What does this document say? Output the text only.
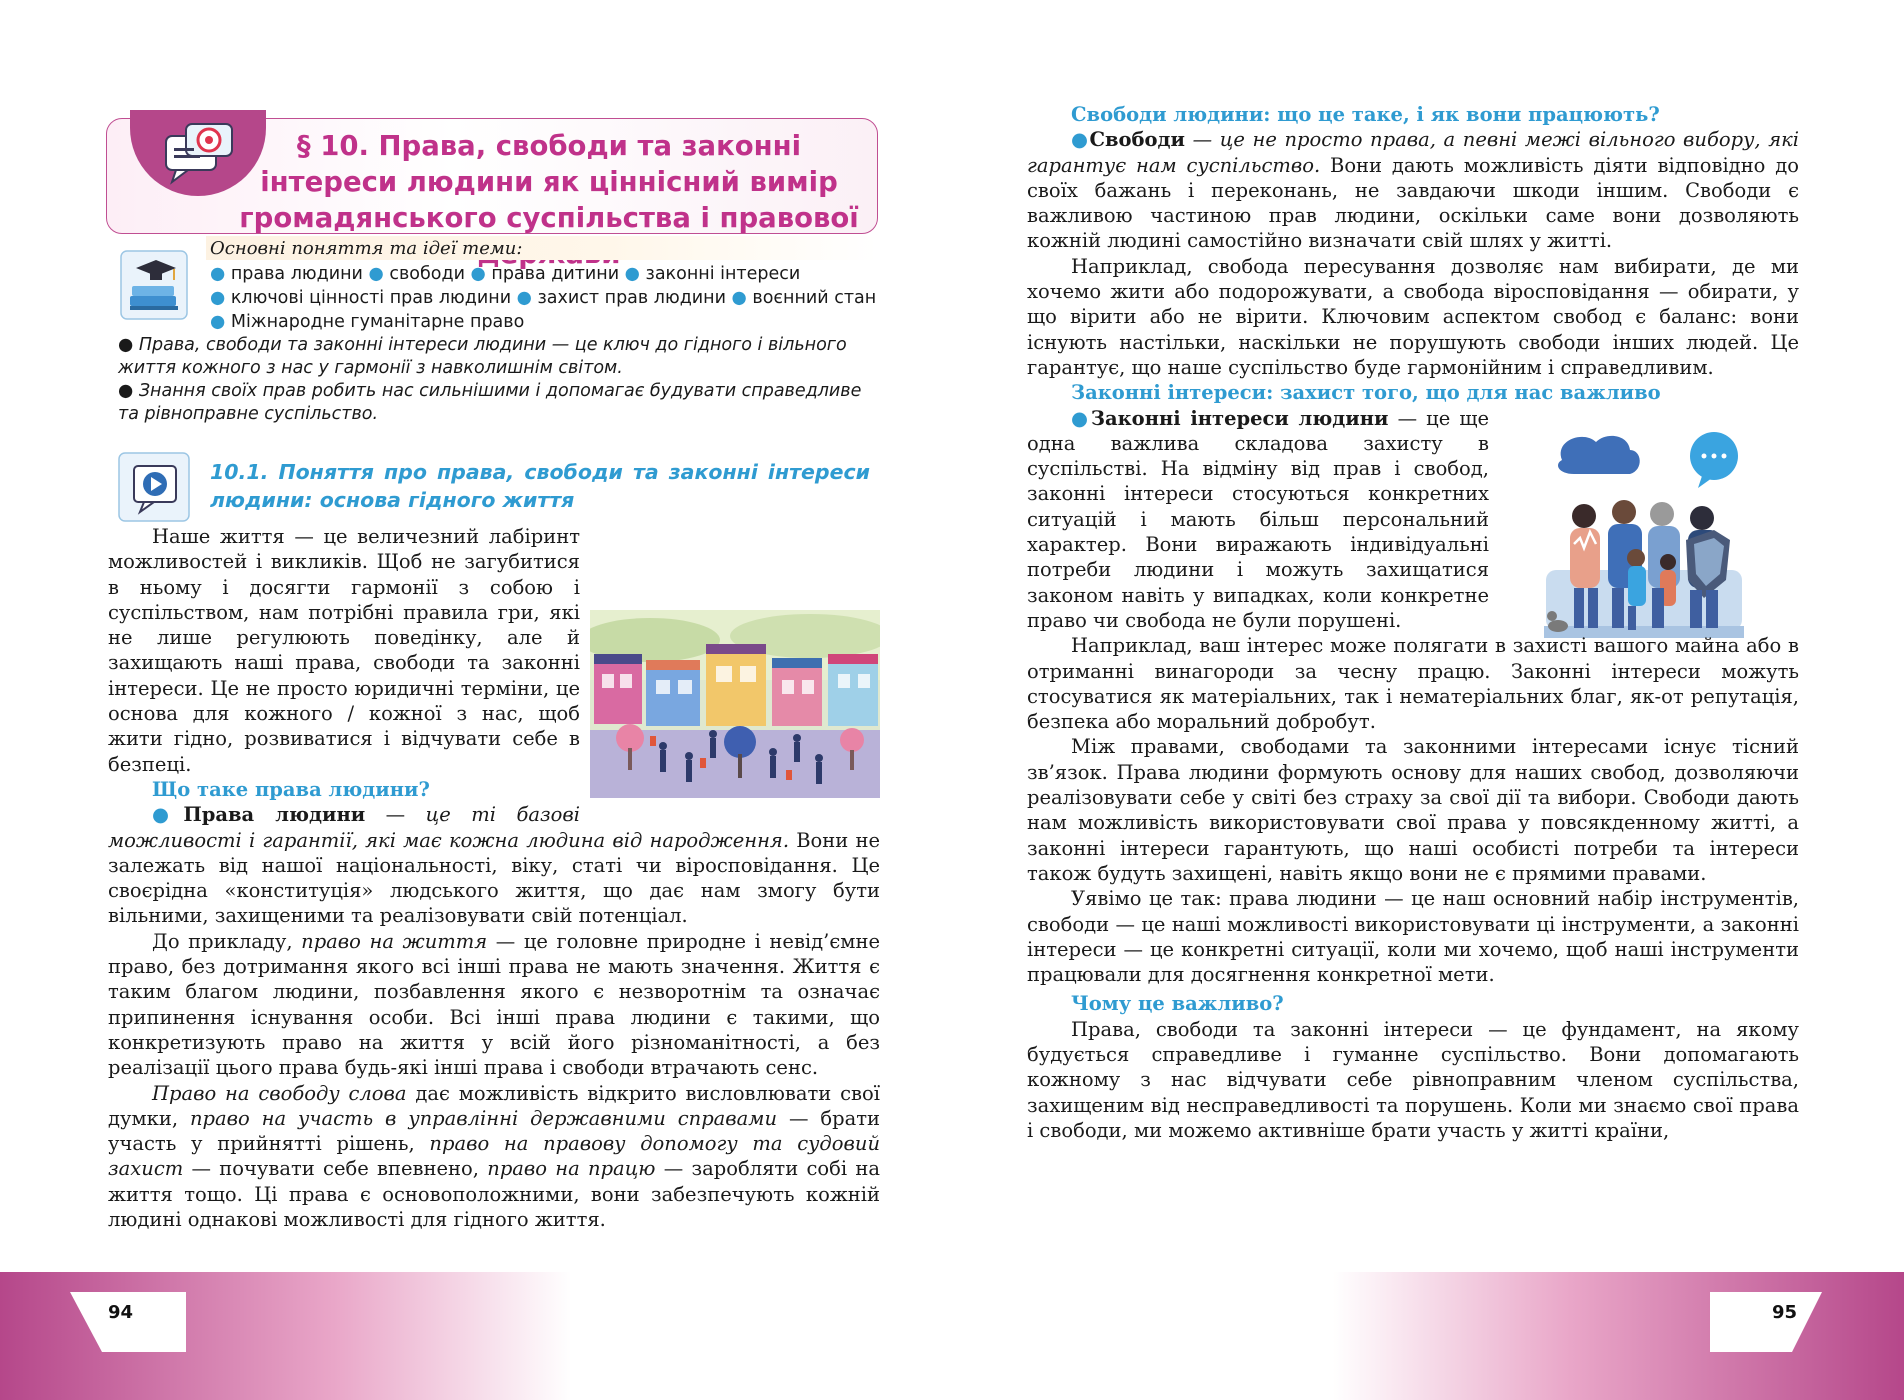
§ 10. Права, свободи та законні інтереси людини як ціннісний вимір громадянського суспільства і правової
Основні поняття та ідеї теми:
● права людини ● свободи ● права дитини ● законні інтереси
● ключові цінності прав людини ● захист прав людини ● воєнний стан
● Міжнародне гуманітарне право
● Права, свободи та законні інтереси людини — це ключ до гідного і вільного життя кожного з нас у гармонії з навколишнім світом.
● Знання своїх прав робить нас сильнішими і допомагає будувати справедливе та рівноправне суспільство.
10.1. Поняття про права, свободи та законні інтереси людини: основа гідного життя

Наше життя — це величезний лабіринт можливостей і викликів. Щоб не загубитися в ньому і досягти гармонії з собою і суспільством, нам потрібні правила гри, які не лише регулюють поведінку, але й захищають наші права, свободи та законні інтереси. Це не просто юридичні терміни, це основа для кожного / кожної з нас, щоб жити гідно, розвиватися і відчувати себе в безпеці.

Що таке права людини?

●Права людини — це ті базові можливості і гарантії, які має кожна людина від народження. Вони не залежать від нашої національності, віку, статі чи віросповідання. Це своєрідна «конституція» людського життя, що дає нам змогу бути вільними, захищеними та реалізовувати свій потенціал.

До прикладу, право на життя — це головне природне і невід’ємне право, без дотримання якого всі інші права не мають значення. Життя є таким благом людини, позбавлення якого є незворотнім та означає припинення існування особи. Всі інші права людини є такими, що конкретизують право на життя у всій його різноманітності, а без реалізації цього права будь-які інші права і свободи втрачають сенс.

Право на свободу слова дає можливість відкрито висловлювати свої думки, право на участь в управлінні державними справами — брати участь у прийнятті рішень, право на правову допомогу та судовий захист — почувати себе впевнено, право на працю — заробляти собі на життя тощо. Ці права є основоположними, вони забезпечують кожній людині однакові можливості для гідного життя.

94

Свободи людини: що це таке, і як вони працюють?

●Свободи — це не просто права, а певні межі вільного вибору, які гарантує нам суспільство. Вони дають можливість діяти відповідно до своїх бажань і переконань, не завдаючи шкоди іншим. Свободи є важливою частиною прав людини, оскільки саме вони дозволяють кожній людині самостійно визначати свій шлях у житті.

Наприклад, свобода пересування дозволяє нам вибирати, де ми хочемо жити або подорожувати, а свобода віросповідання — обирати, у що вірити або не вірити. Ключовим аспектом свобод є баланс: вони існують настільки, наскільки не порушують свободи інших людей. Це гарантує, що наше суспільство буде гармонійним і справедливим.

Законні інтереси: захист того, що для нас важливо

●Законні інтереси людини — це ще одна важлива складова захисту в суспільстві. На відміну від прав і свобод, законні інтереси стосуються конкретних ситуацій і мають більш персональний характер. Вони виражають індивідуальні потреби людини і можуть захищатися законом навіть у випадках, коли конкретне право чи свобода не були порушені.

Наприклад, ваш інтерес може полягати в захисті вашого майна або в отриманні винагороди за чесну працю. Законні інтереси можуть стосуватися як матеріальних, так і нематеріальних благ, як-от репутація, безпека або моральний добробут.

Між правами, свободами та законними інтересами існує тісний зв’язок. Права людини формують основу для наших свобод, дозволяючи реалізовувати себе у світі без страху за свої дії та вибори. Свободи дають нам можливість використовувати свої права у повсякденному житті, а законні інтереси гарантують, що наші особисті потреби та інтереси також будуть захищені, навіть якщо вони не є прямими правами.

Уявімо це так: права людини — це наш основний набір інструментів, свободи — це наші можливості використовувати ці інструменти, а законні інтереси — це конкретні ситуації, коли ми хочемо, щоб наші інструменти працювали для досягнення конкретної мети.

Чому це важливо?

Права, свободи та законні інтереси — це фундамент, на якому будується справедливе і гуманне суспільство. Вони допомагають кожному з нас відчувати себе рівноправним членом суспільства, захищеним від несправедливості та порушень. Коли ми знаємо свої права і свободи, ми можемо активніше брати участь у житті країни,

95
